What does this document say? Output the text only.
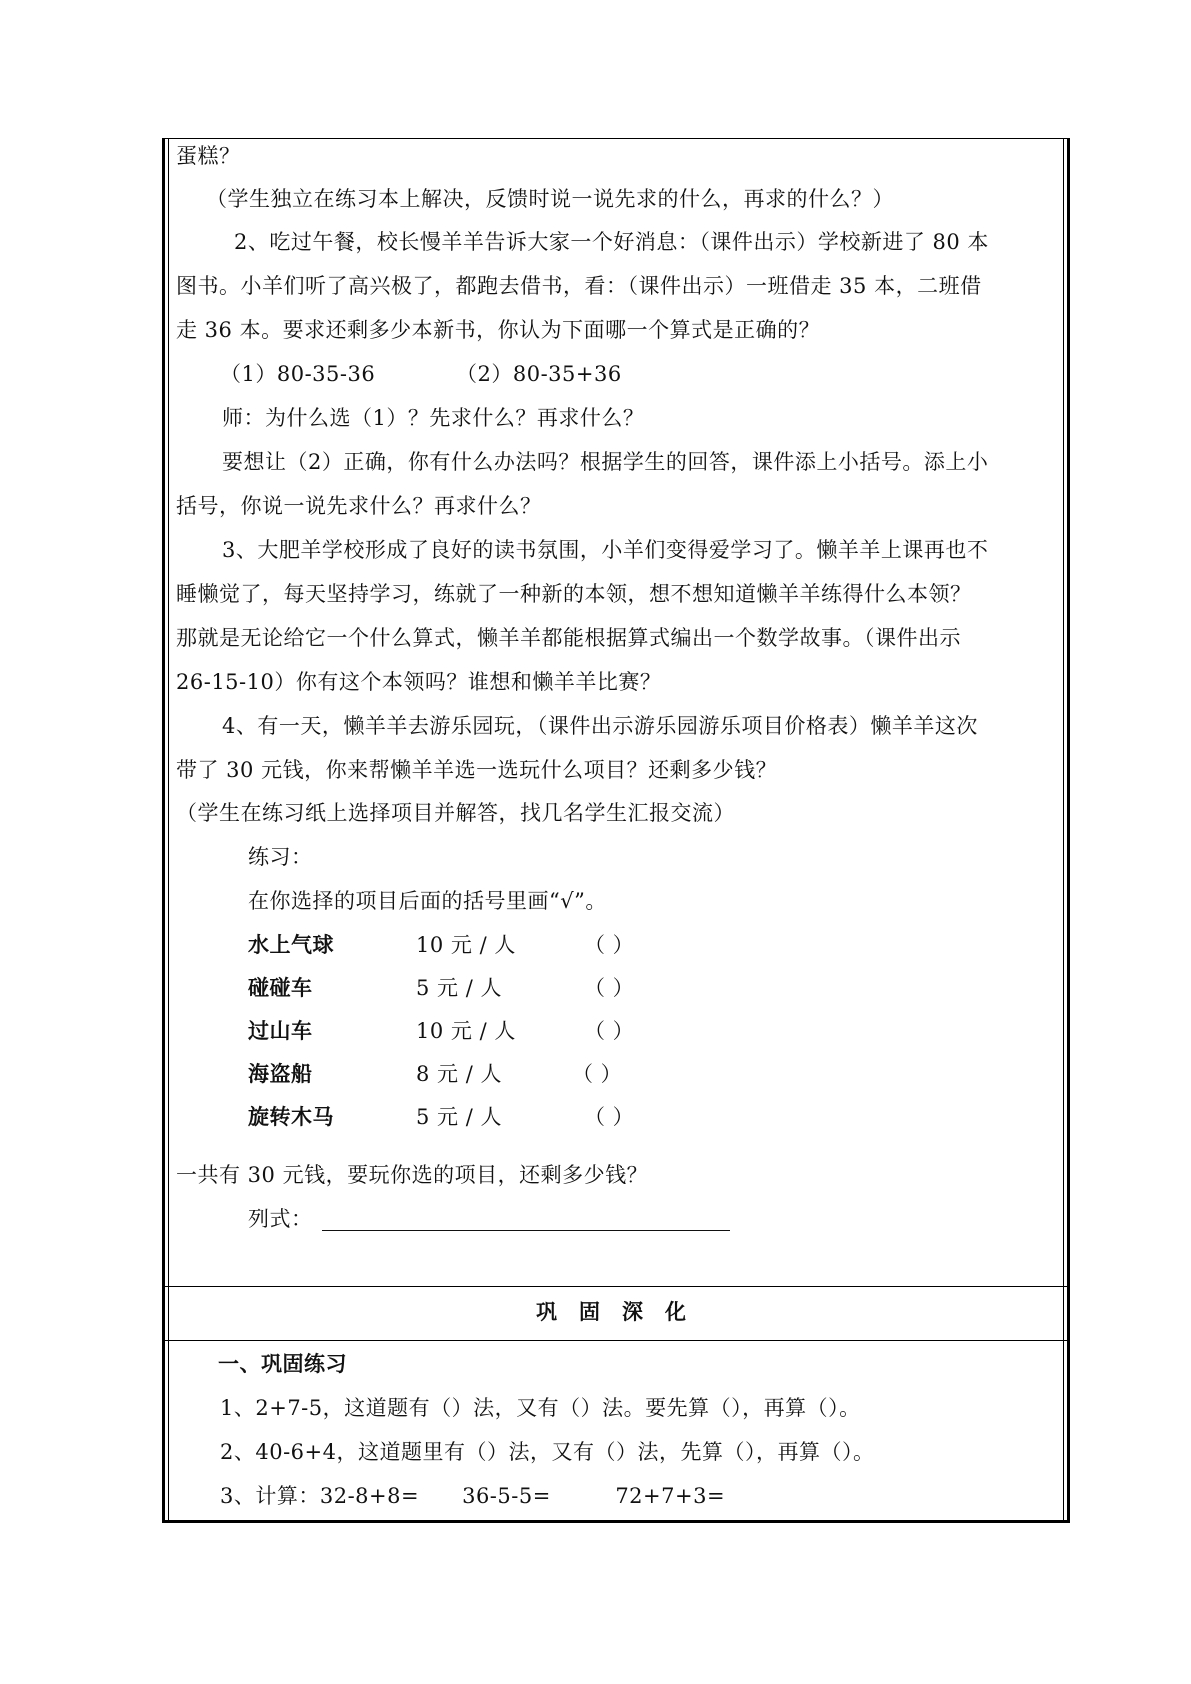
蛋糕？
（学生独立在练习本上解决，反馈时说一说先求的什么，再求的什么？）
2、吃过午餐，校长慢羊羊告诉大家一个好消息：（课件出示）学校新进了 80 本
图书。小羊们听了高兴极了，都跑去借书，看：（课件出示）一班借走 35 本，二班借
走 36 本。要求还剩多少本新书，你认为下面哪一个算式是正确的？
（1）80-35-36	（2）80-35+36
师：为什么选（1）？先求什么？再求什么？
要想让（2）正确，你有什么办法吗？根据学生的回答，课件添上小括号。添上小
括号，你说一说先求什么？再求什么？
3、大肥羊学校形成了良好的读书氛围，小羊们变得爱学习了。懒羊羊上课再也不
睡懒觉了，每天坚持学习，练就了一种新的本领，想不想知道懒羊羊练得什么本领？
那就是无论给它一个什么算式，懒羊羊都能根据算式编出一个数学故事。（课件出示
26-15-10）你有这个本领吗？谁想和懒羊羊比赛？
4、有一天，懒羊羊去游乐园玩，（课件出示游乐园游乐项目价格表）懒羊羊这次
带了 30 元钱，你来帮懒羊羊选一选玩什么项目？还剩多少钱？
（学生在练习纸上选择项目并解答，找几名学生汇报交流）
练习：
在你选择的项目后面的括号里画“√”。
水上气球	10 元 / 人	（ ）
碰碰车	5 元 / 人	（ ）
过山车	10 元 / 人	（ ）
海盗船	8 元 / 人	（ ）
旋转木马	5 元 / 人	（ ）
一共有 30 元钱，要玩你选的项目，还剩多少钱？
列式：
巩　固　深　化
一、巩固练习
1、2+7-5，这道题有（）法，又有（）法。要先算（），再算（）。
2、40-6+4，这道题里有（）法，又有（）法，先算（），再算（）。
3、计算：32-8+8=　　36-5-5=　　　72+7+3=
